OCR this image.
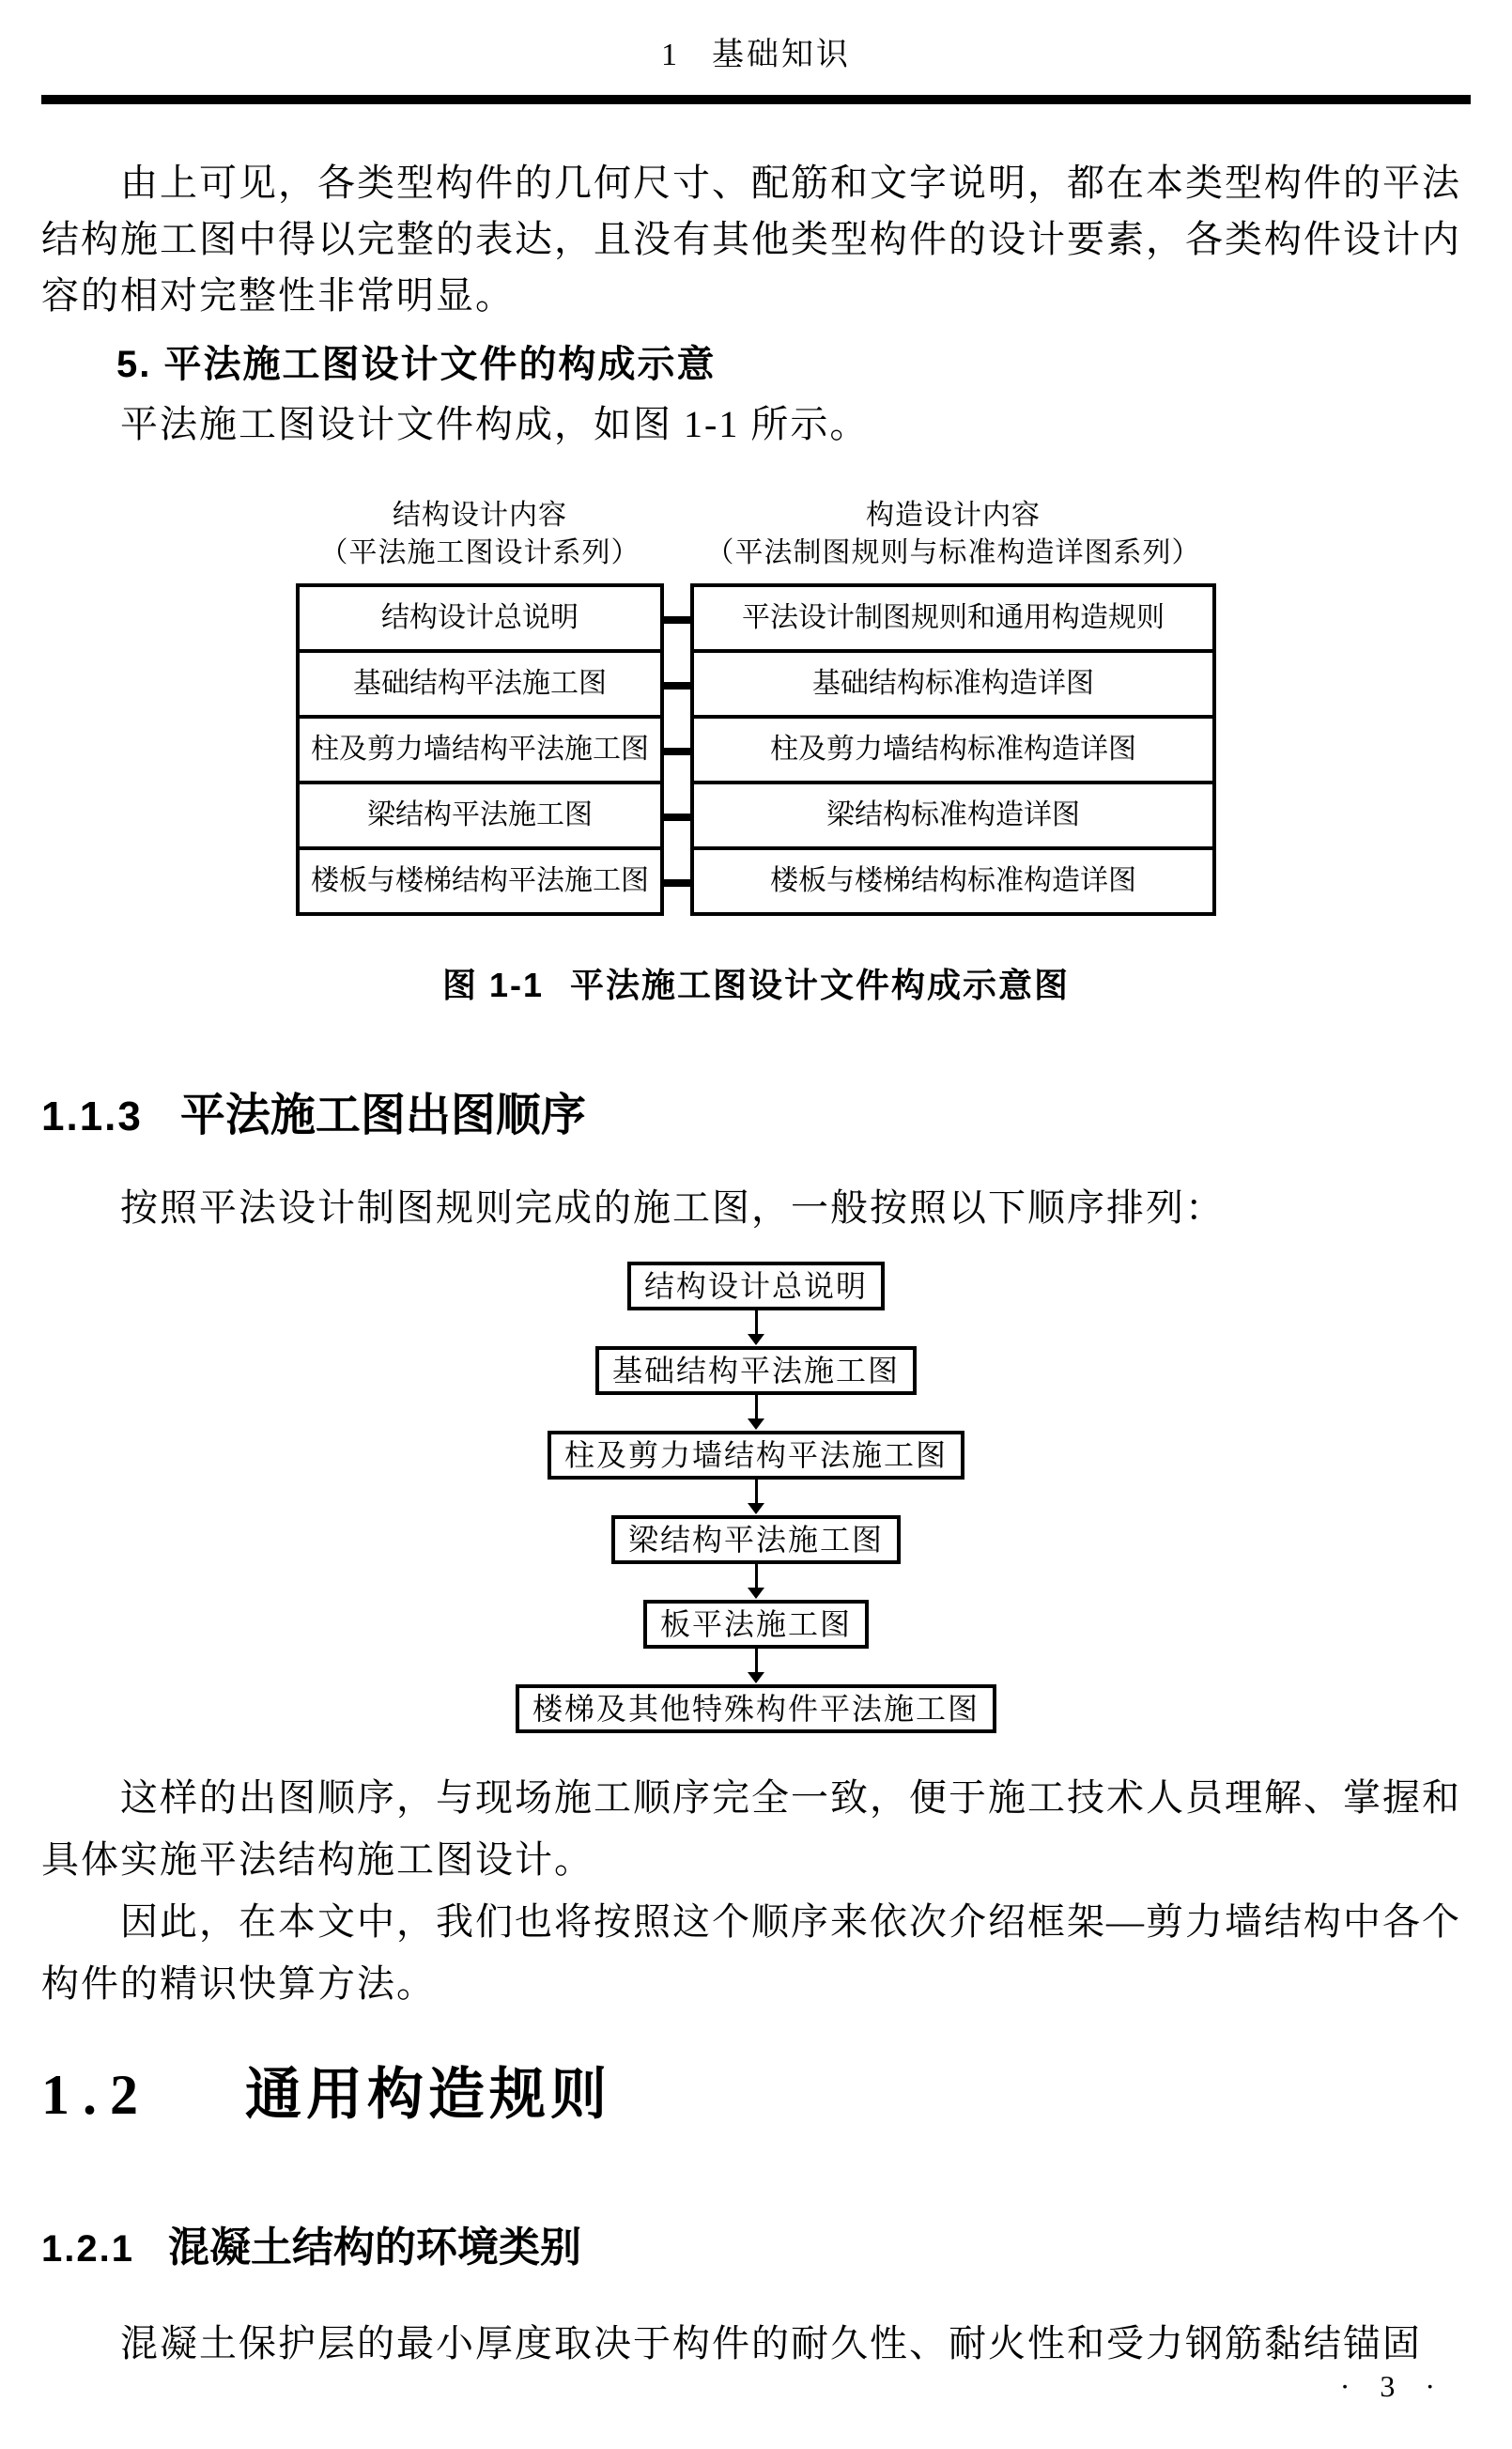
1 基础知识
由上可见，各类型构件的几何尺寸、配筋和文字说明，都在本类型构件的平法
结构施工图中得以完整的表达，且没有其他类型构件的设计要素，各类构件设计内
容的相对完整性非常明显。
5. 平法施工图设计文件的构成示意
平法施工图设计文件构成，如图 1-1 所示。
结构设计内容
（平法施工图设计系列）
构造设计内容
（平法制图规则与标准构造详图系列）
结构设计总说明
基础结构平法施工图
柱及剪力墙结构平法施工图
梁结构平法施工图
楼板与楼梯结构平法施工图
平法设计制图规则和通用构造规则
基础结构标准构造详图
柱及剪力墙结构标准构造详图
梁结构标准构造详图
楼板与楼梯结构标准构造详图
图 1-1 平法施工图设计文件构成示意图
1.1.3 平法施工图出图顺序
按照平法设计制图规则完成的施工图，一般按照以下顺序排列：
结构设计总说明
基础结构平法施工图
柱及剪力墙结构平法施工图
梁结构平法施工图
板平法施工图
楼梯及其他特殊构件平法施工图
这样的出图顺序，与现场施工顺序完全一致，便于施工技术人员理解、掌握和
具体实施平法结构施工图设计。
因此，在本文中，我们也将按照这个顺序来依次介绍框架—剪力墙结构中各个
构件的精识快算方法。
1.2 通用构造规则
1.2.1 混凝土结构的环境类别
混凝土保护层的最小厚度取决于构件的耐久性、耐火性和受力钢筋黏结锚固
· 3 ·
